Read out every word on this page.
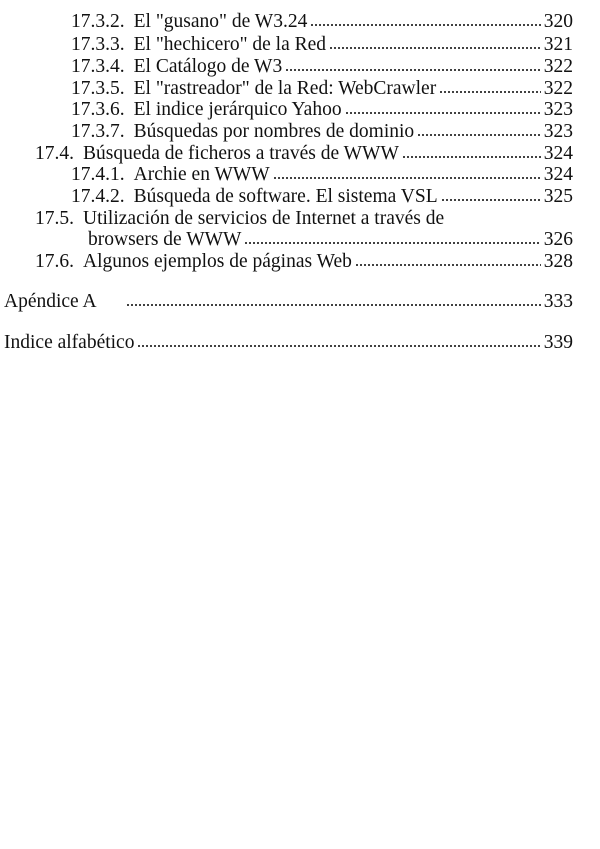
17.3.2. El "gusano" de W3.24	320
17.3.3. El "hechicero" de la Red	321
17.3.4. El Catálogo de W3	322
17.3.5. El "rastreador" de la Red: WebCrawler	322
17.3.6. El indice jerárquico Yahoo	323
17.3.7. Búsquedas por nombres de dominio	323
17.4. Búsqueda de ficheros a través de WWW	324
17.4.1. Archie en WWW	324
17.4.2. Búsqueda de software. El sistema VSL	325
17.5. Utilización de servicios de Internet a través de
browsers de WWW	326
17.6. Algunos ejemplos de páginas Web	328
Apéndice A	333
Indice alfabético	339
